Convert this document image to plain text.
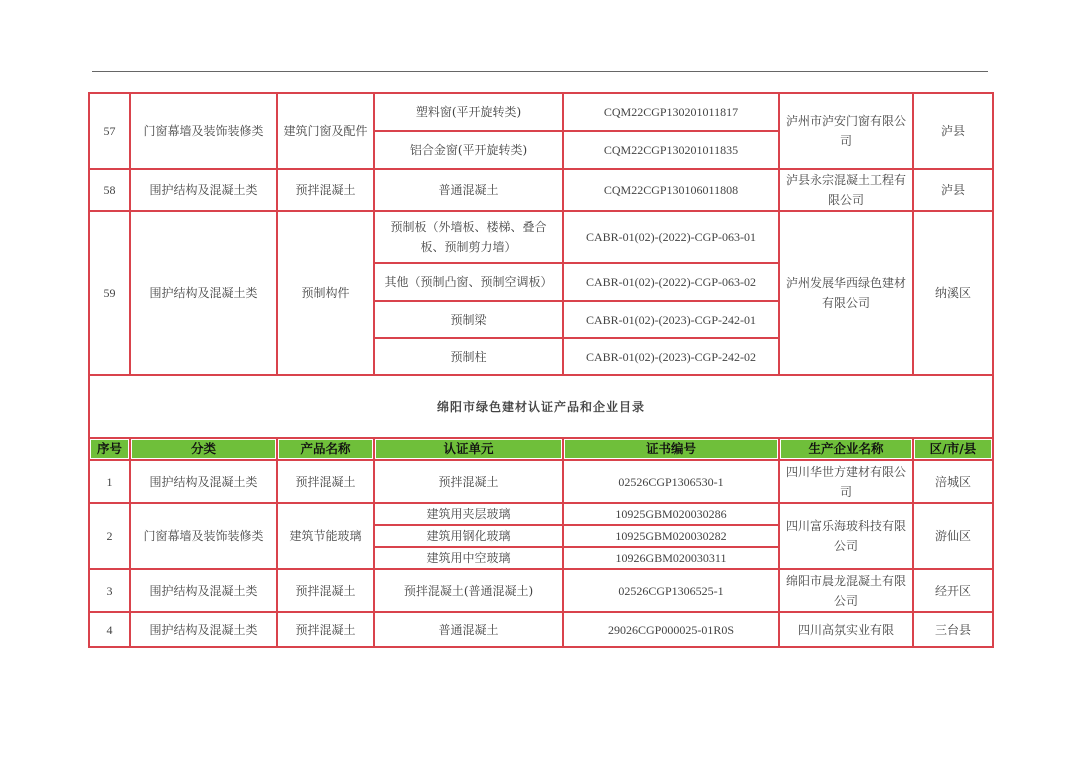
57	门窗幕墙及装饰装修类	建筑门窗及配件	塑料窗(平开旋转类)	CQM22CGP130201011817	泸州市泸安门窗有限公司	泸县
			铝合金窗(平开旋转类)	CQM22CGP130201011835		
58	围护结构及混凝土类	预拌混凝土	普通混凝土	CQM22CGP130106011808	泸县永宗混凝土工程有限公司	泸县
59	围护结构及混凝土类	预制构件	预制板（外墙板、楼梯、叠合板、预制剪力墙）	CABR-01(02)-(2022)-CGP-063-01	泸州发展华西绿色建材有限公司	纳溪区
			其他（预制凸窗、预制空调板）	CABR-01(02)-(2022)-CGP-063-02		
			预制梁	CABR-01(02)-(2023)-CGP-242-01		
			预制柱	CABR-01(02)-(2023)-CGP-242-02		
绵阳市绿色建材认证产品和企业目录						
序号	分类	产品名称	认证单元	证书编号	生产企业名称	区/市/县
1	围护结构及混凝土类	预拌混凝土	预拌混凝土	02526CGP1306530-1	四川华世方建材有限公司	涪城区
2	门窗幕墙及装饰装修类	建筑节能玻璃	建筑用夹层玻璃	10925GBM020030286	四川富乐海玻科技有限公司	游仙区
			建筑用钢化玻璃	10925GBM020030282		
			建筑用中空玻璃	10926GBM020030311		
3	围护结构及混凝土类	预拌混凝土	预拌混凝土(普通混凝土)	02526CGP1306525-1	绵阳市晨龙混凝土有限公司	经开区
4	围护结构及混凝土类	预拌混凝土	普通混凝土	29026CGP000025-01R0S	四川高氛实业有限	三台县
